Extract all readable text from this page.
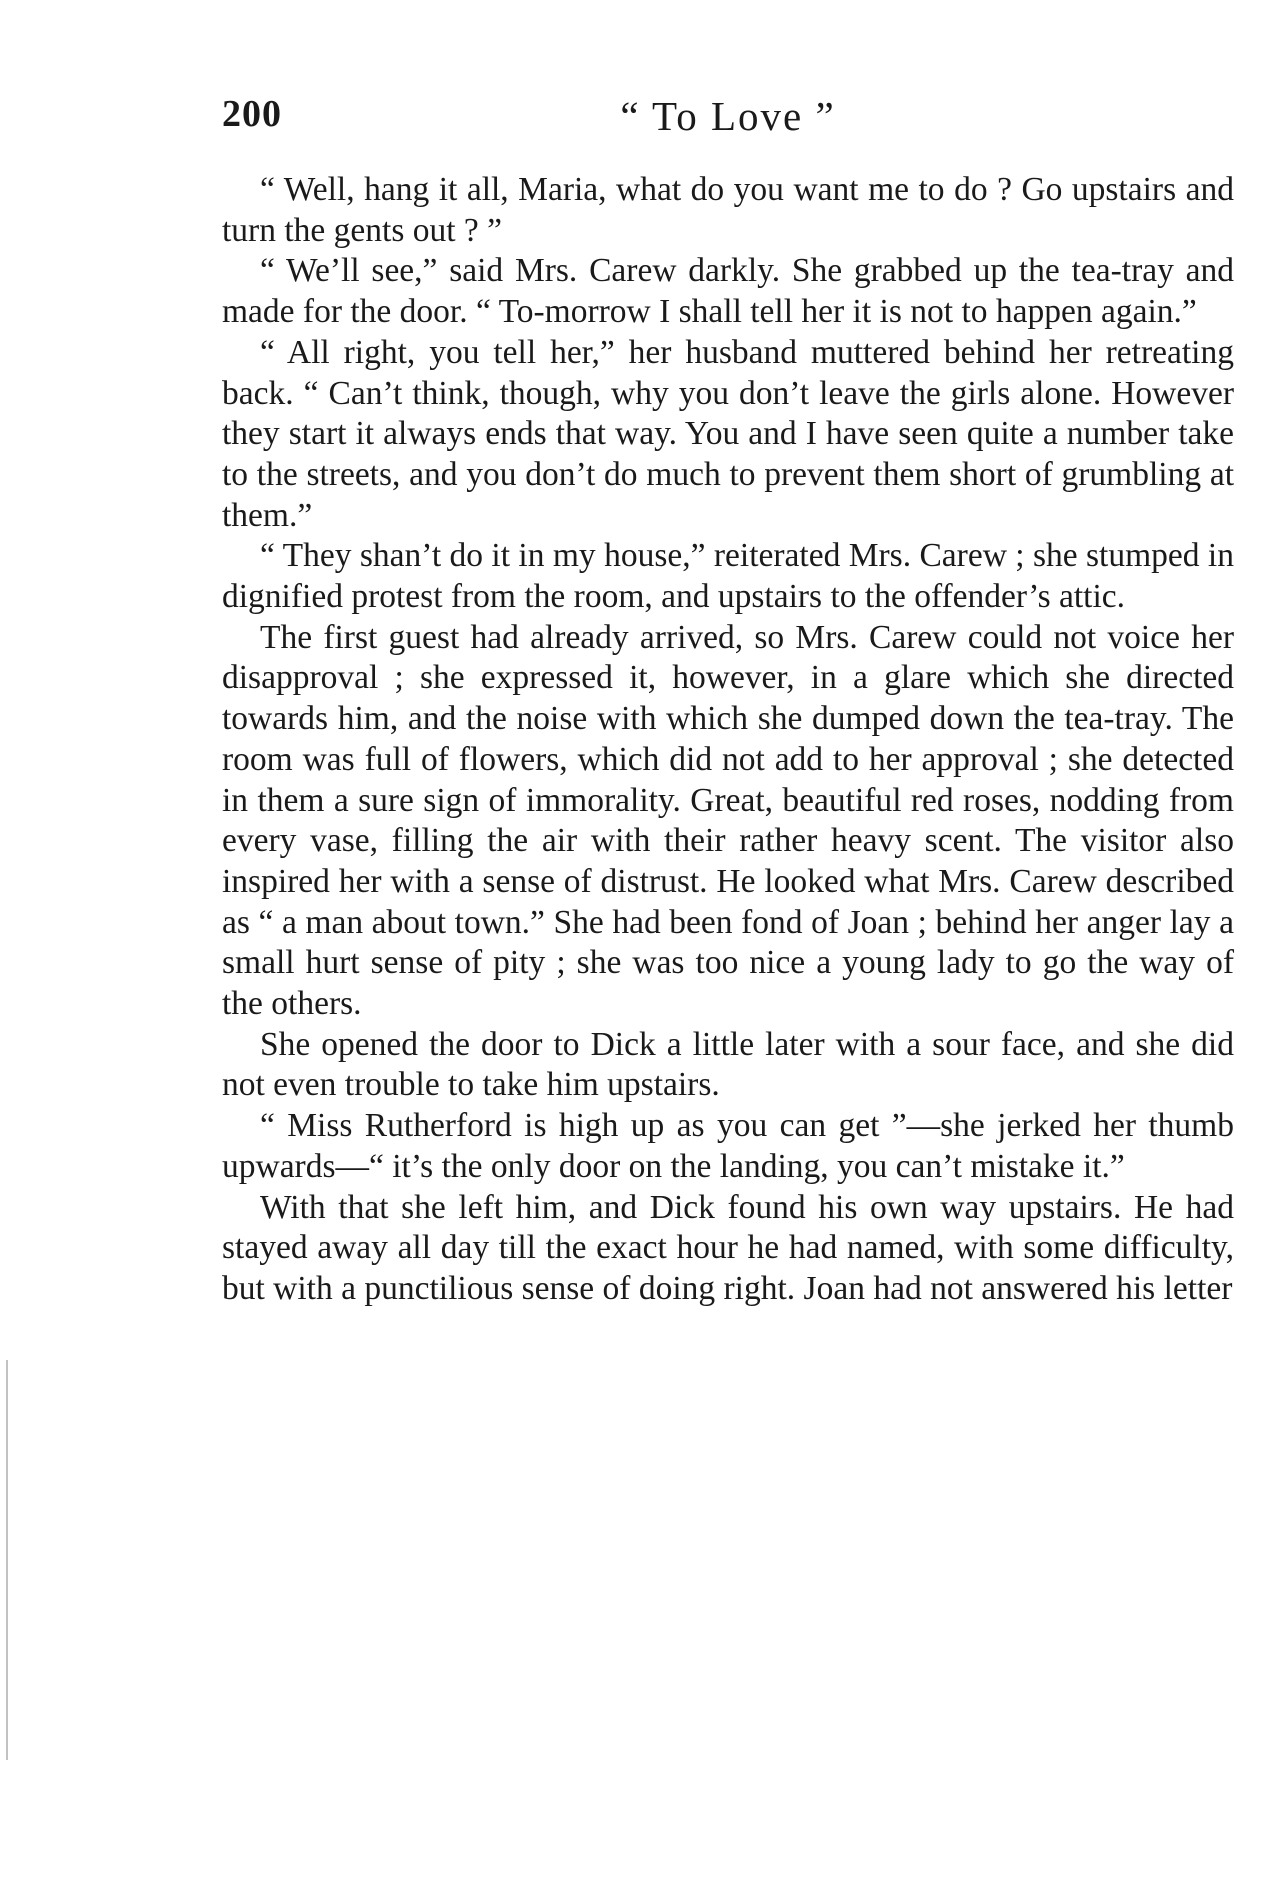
200	“ To Love ”

“ Well, hang it all, Maria, what do you want me to do ? Go upstairs and turn the gents out ? ”

“ We’ll see,” said Mrs. Carew darkly. She grabbed up the tea-tray and made for the door. “ To-morrow I shall tell her it is not to happen again.”

“ All right, you tell her,” her husband muttered behind her retreating back. “ Can’t think, though, why you don’t leave the girls alone. However they start it always ends that way. You and I have seen quite a number take to the streets, and you don’t do much to prevent them short of grumbling at them.”

“ They shan’t do it in my house,” reiterated Mrs. Carew ; she stumped in dignified protest from the room, and upstairs to the offender’s attic.

The first guest had already arrived, so Mrs. Carew could not voice her disapproval ; she expressed it, however, in a glare which she directed towards him, and the noise with which she dumped down the tea-tray. The room was full of flowers, which did not add to her approval ; she detected in them a sure sign of immorality. Great, beautiful red roses, nodding from every vase, filling the air with their rather heavy scent. The visitor also inspired her with a sense of distrust. He looked what Mrs. Carew described as “ a man about town.” She had been fond of Joan ; behind her anger lay a small hurt sense of pity ; she was too nice a young lady to go the way of the others.

She opened the door to Dick a little later with a sour face, and she did not even trouble to take him upstairs.

“ Miss Rutherford is high up as you can get ”—she jerked her thumb upwards—“ it’s the only door on the landing, you can’t mistake it.”

With that she left him, and Dick found his own way upstairs. He had stayed away all day till the exact hour he had named, with some difficulty, but with a punctilious sense of doing right. Joan had not answered his letter
